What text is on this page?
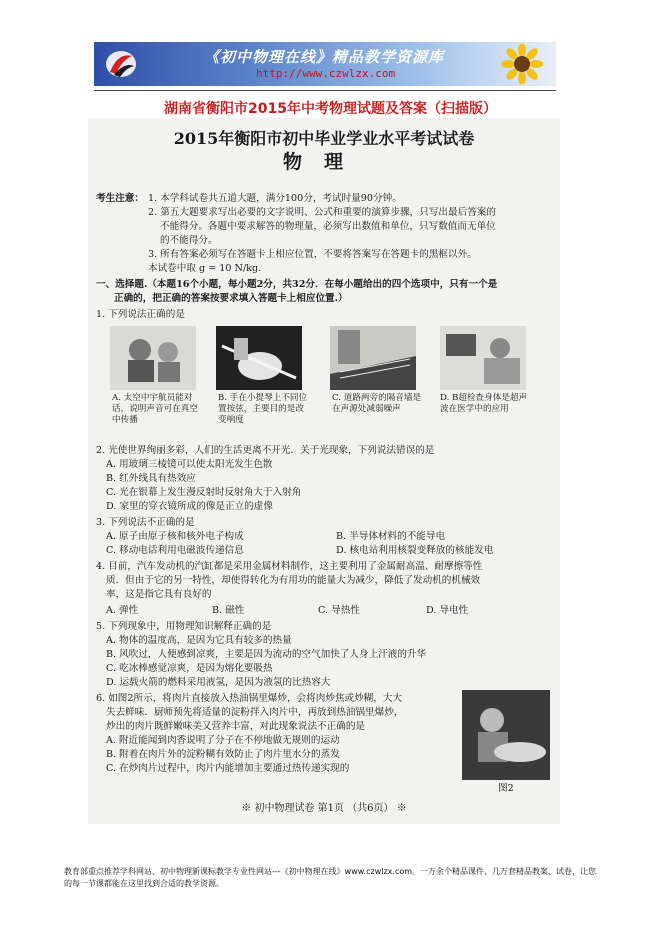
《初中物理在线》精品教学资源库
http://www.czwlzx.com
湖南省衡阳市2015年中考物理试题及答案（扫描版）
2015年衡阳市初中毕业学业水平考试试卷
物理
考生注意： 1. 本学科试卷共五道大题，满分100分，考试时量90分钟。
2. 第五大题要求写出必要的文字说明、公式和重要的演算步骤，只写出最后答案的
不能得分。各题中要求解答的物理量，必须写出数值和单位，只写数值而无单位
的不能得分。
3. 所有答案必须写在答题卡上相应位置，不要将答案写在答题卡的黑框以外。
本试卷中取 g = 10 N/kg.
一、选择题.（本题16个小题，每小题2分，共32分．在每小题给出的四个选项中，只有一个是
正确的，把正确的答案按要求填入答题卡上相应位置.）
1. 下列说法正确的是
A. 太空中宇航员能对话，说明声音可在真空中传播
B. 手在小提琴上不同位置按弦，主要目的是改变响度
C. 道路两旁的隔音墙是在声源处减弱噪声
D. B超检查身体是超声波在医学中的应用
2. 光使世界绚丽多彩，人们的生活更离不开光．关于光现象，下列说法错误的是
A. 用玻璃三棱镜可以使太阳光发生色散
B. 红外线具有热效应
C. 光在银幕上发生漫反射时反射角大于入射角
D. 家里的穿衣镜所成的像是正立的虚像
3. 下列说法不正确的是
A. 原子由原子核和核外电子构成	B. 半导体材料的不能导电
C. 移动电话利用电磁波传递信息	D. 核电站利用核裂变释放的核能发电
4. 目前，汽车发动机的汽缸都是采用金属材料制作，这主要利用了金属耐高温、耐摩擦等性
质．但由于它的另一特性，却使得转化为有用功的能量大为减少，降低了发动机的机械效
率，这是指它具有良好的
A. 弹性	B. 磁性	C. 导热性	D. 导电性
5. 下列现象中，用物理知识解释正确的是
A. 物体的温度高，是因为它具有较多的热量
B. 风吹过，人便感到凉爽，主要是因为流动的空气加快了人身上汗液的升华
C. 吃冰棒感觉凉爽，是因为熔化要吸热
D. 运载火箭的燃料采用液氢，是因为液氢的比热容大
6. 如图2所示，将肉片直接放入热油锅里爆炒，会将肉炒焦或炒糊，大大
失去鲜味．厨师预先将适量的淀粉拌入肉片中，再放到热油锅里爆炒，
炒出的肉片既鲜嫩味美又营养丰富，对此现象说法不正确的是
A. 附近能闻到肉香说明了分子在不停地做无规则的运动
B. 附着在肉片外的淀粉糊有效防止了肉片里水分的蒸发
C. 在炒肉片过程中，肉片内能增加主要通过热传递实现的
图2
※ 初中物理试卷 第1页 （共6页） ※
教育部重点推荐学科网站、初中物理新课标教学专业性网站---《初中物理在线》www.czwlzx.com。一万余个精品课件、几万套精品教案、试卷，让您的每一节课都能在这里找到合适的教学资源。
